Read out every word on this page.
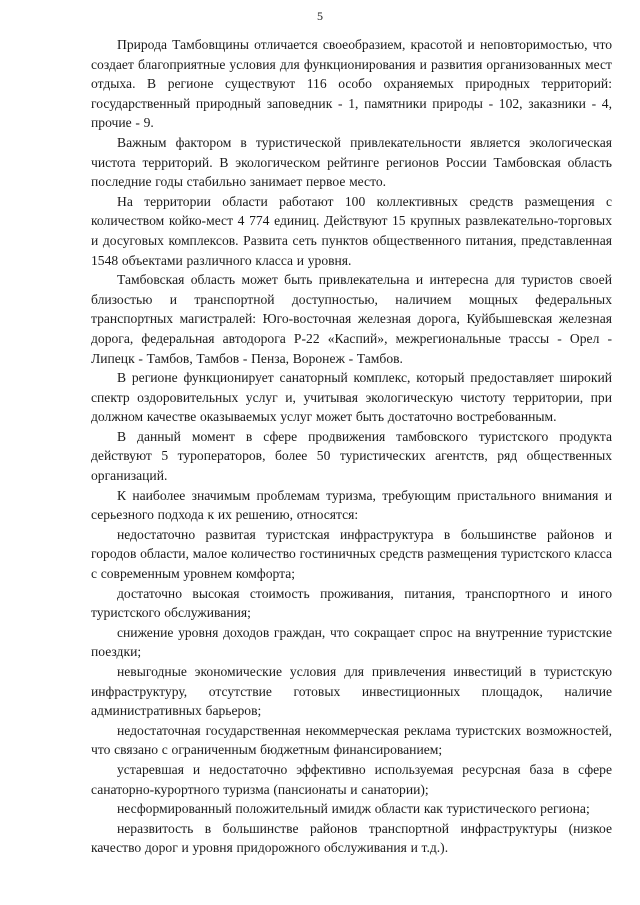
5

Природа Тамбовщины отличается своеобразием, красотой и неповторимостью, что создает благоприятные условия для функционирования и развития организованных мест отдыха. В регионе существуют 116 особо охраняемых природных территорий: государственный природный заповедник - 1, памятники природы - 102, заказники - 4, прочие - 9.

Важным фактором в туристической привлекательности является экологическая чистота территорий. В экологическом рейтинге регионов России Тамбовская область последние годы стабильно занимает первое место.

На территории области работают 100 коллективных средств размещения с количеством койко-мест 4 774 единиц. Действуют 15 крупных развлекательно-торговых и досуговых комплексов. Развита сеть пунктов общественного питания, представленная 1548 объектами различного класса и уровня.

Тамбовская область может быть привлекательна и интересна для туристов своей близостью и транспортной доступностью, наличием мощных федеральных транспортных магистралей: Юго-восточная железная дорога, Куйбышевская железная дорога, федеральная автодорога Р-22 «Каспий», межрегиональные трассы - Орел - Липецк - Тамбов, Тамбов - Пенза, Воронеж - Тамбов.

В регионе функционирует санаторный комплекс, который предоставляет широкий спектр оздоровительных услуг и, учитывая экологическую чистоту территории, при должном качестве оказываемых услуг может быть достаточно востребованным.

В данный момент в сфере продвижения тамбовского туристского продукта действуют 5 туроператоров, более 50 туристических агентств, ряд общественных организаций.

К наиболее значимым проблемам туризма, требующим пристального внимания и серьезного подхода к их решению, относятся:

недостаточно развитая туристская инфраструктура в большинстве районов и городов области, малое количество гостиничных средств размещения туристского класса с современным уровнем комфорта;

достаточно высокая стоимость проживания, питания, транспортного и иного туристского обслуживания;

снижение уровня доходов граждан, что сокращает спрос на внутренние туристские поездки;

невыгодные экономические условия для привлечения инвестиций в туристскую инфраструктуру, отсутствие готовых инвестиционных площадок, наличие административных барьеров;

недостаточная государственная некоммерческая реклама туристских возможностей, что связано с ограниченным бюджетным финансированием;

устаревшая и недостаточно эффективно используемая ресурсная база в сфере санаторно-курортного туризма (пансионаты и санатории);

несформированный положительный имидж области как туристического региона;

неразвитость в большинстве районов транспортной инфраструктуры (низкое качество дорог и уровня придорожного обслуживания и т.д.).
